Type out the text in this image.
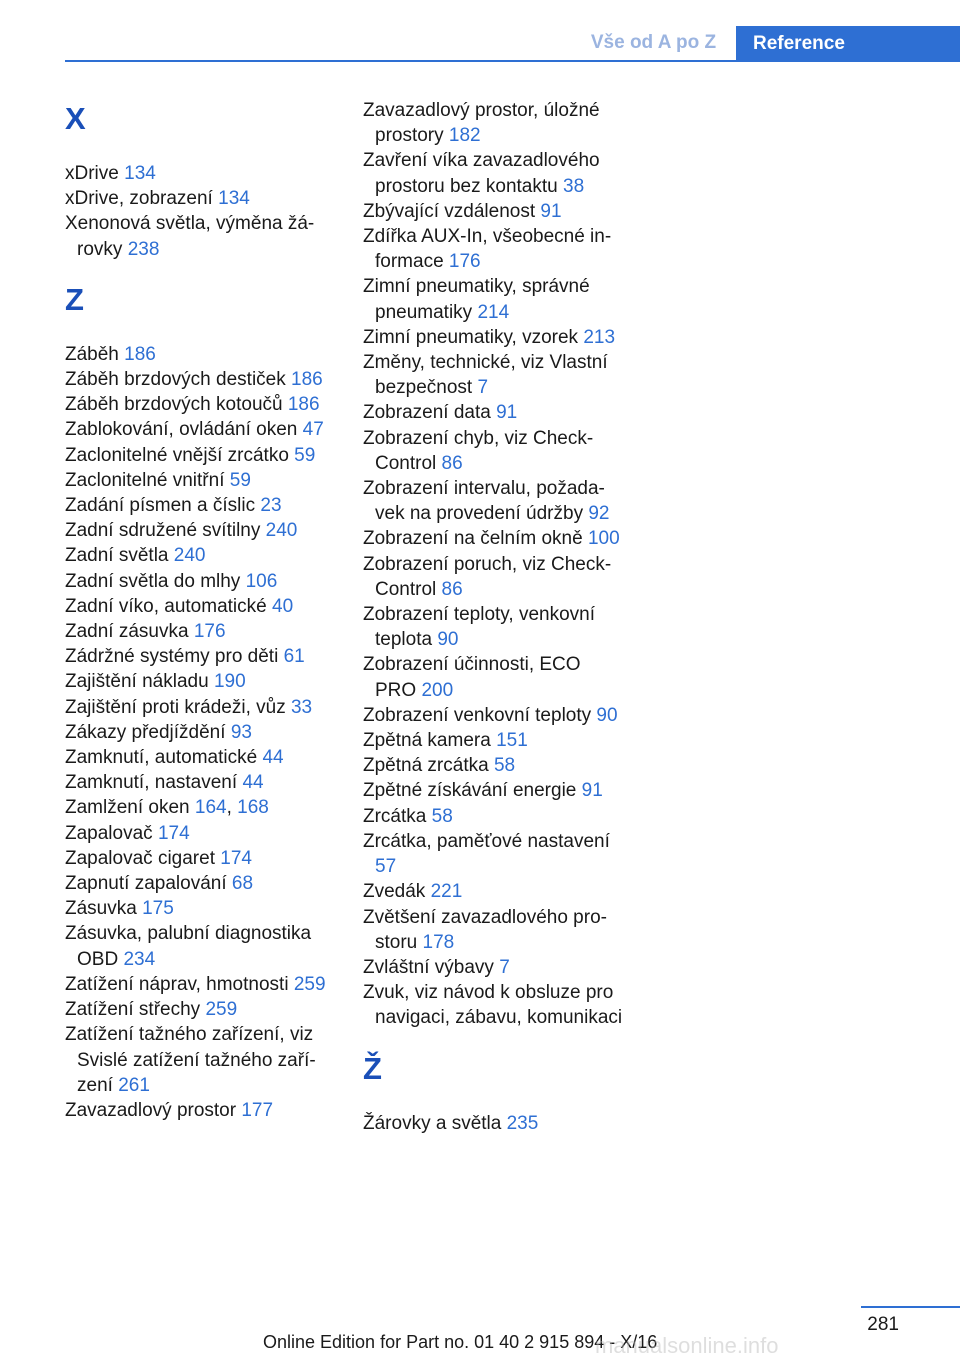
Vše od A po Z	Reference
X
xDrive 134
xDrive, zobrazení 134
Xenonová světla, výměna žárovky 238
Z
Záběh 186
Záběh brzdových destiček 186
Záběh brzdových kotoučů 186
Zablokování, ovládání oken 47
Zaclonitelné vnější zrcátko 59
Zaclonitelné vnitřní 59
Zadání písmen a číslic 23
Zadní sdružené svítilny 240
Zadní světla 240
Zadní světla do mlhy 106
Zadní víko, automatické 40
Zadní zásuvka 176
Zádržné systémy pro děti 61
Zajištění nákladu 190
Zajištění proti krádeži, vůz 33
Zákazy předjíždění 93
Zamknutí, automatické 44
Zamknutí, nastavení 44
Zamlžení oken 164, 168
Zapalovač 174
Zapalovač cigaret 174
Zapnutí zapalování 68
Zásuvka 175
Zásuvka, palubní diagnostika OBD 234
Zatížení náprav, hmotnosti 259
Zatížení střechy 259
Zatížení tažného zařízení, viz Svislé zatížení tažného zařízení 261
Zavazadlový prostor 177
Zavazadlový prostor, úložné prostory 182
Zavření víka zavazadlového prostoru bez kontaktu 38
Zbývající vzdálenost 91
Zdířka AUX-In, všeobecné informace 176
Zimní pneumatiky, správné pneumatiky 214
Zimní pneumatiky, vzorek 213
Změny, technické, viz Vlastní bezpečnost 7
Zobrazení data 91
Zobrazení chyb, viz Check-Control 86
Zobrazení intervalu, požadavek na provedení údržby 92
Zobrazení na čelním okně 100
Zobrazení poruch, viz Check-Control 86
Zobrazení teploty, venkovní teplota 90
Zobrazení účinnosti, ECO PRO 200
Zobrazení venkovní teploty 90
Zpětná kamera 151
Zpětná zrcátka 58
Zpětné získávání energie 91
Zrcátka 58
Zrcátka, paměťové nastavení 57
Zvedák 221
Zvětšení zavazadlového prostoru 178
Zvláštní výbavy 7
Zvuk, viz návod k obsluze pro navigaci, zábavu, komunikaci
Ž
Žárovky a světla 235
281
Online Edition for Part no. 01 40 2 915 894 - X/16
manualsonline.info
